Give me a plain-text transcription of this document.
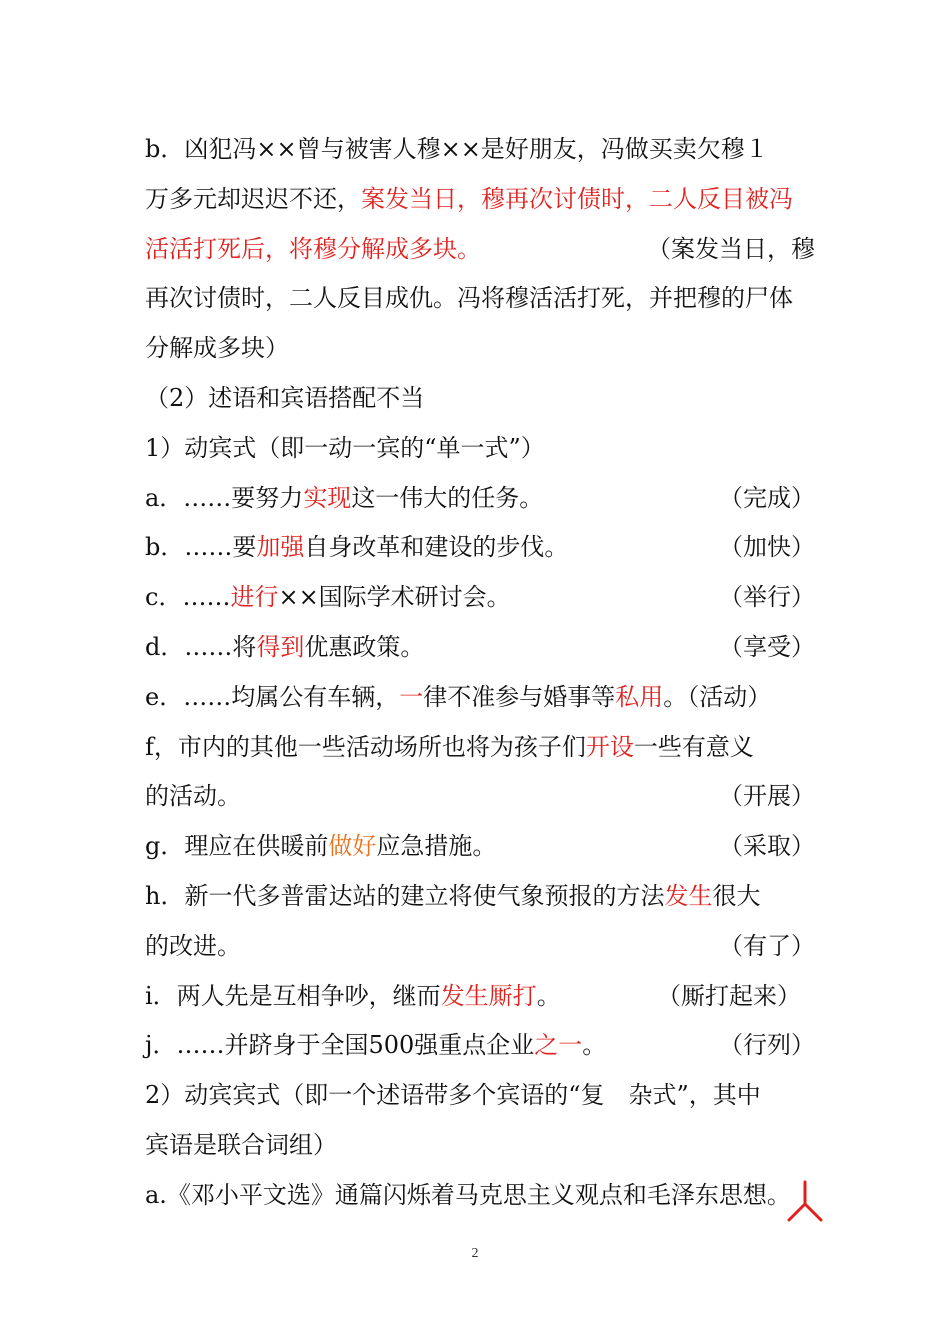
b．凶犯冯××曾与被害人穆××是好朋友，冯做买卖欠穆１
万多元却迟迟不还，案发当日，穆再次讨债时，二人反目被冯
活活打死后，将穆分解成多块。	（案发当日，穆
再次讨债时，二人反目成仇。冯将穆活活打死，并把穆的尸体
分解成多块）
（2）述语和宾语搭配不当
1）动宾式（即一动一宾的“单一式”）
a．……要努力实现这一伟大的任务。	（完成）
b．……要加强自身改革和建设的步伐。	（加快）
c．……进行××国际学术研讨会。	（举行）
d．……将得到优惠政策。	（享受）
e．……均属公有车辆，一律不准参与婚事等私用。（活动）
f，市内的其他一些活动场所也将为孩子们开设一些有意义
的活动。	（开展）
g．理应在供暖前做好应急措施。	（采取）
h．新一代多普雷达站的建立将使气象预报的方法发生很大
的改进。	（有了）
i．两人先是互相争吵，继而发生厮打。	（厮打起来）
j．……并跻身于全国500强重点企业之一。	（行列）
2）动宾宾式（即一个述语带多个宾语的“复　杂式”，其中
宾语是联合词组）
a.《邓小平文选》通篇闪烁着马克思主义观点和毛泽东思想。
2
